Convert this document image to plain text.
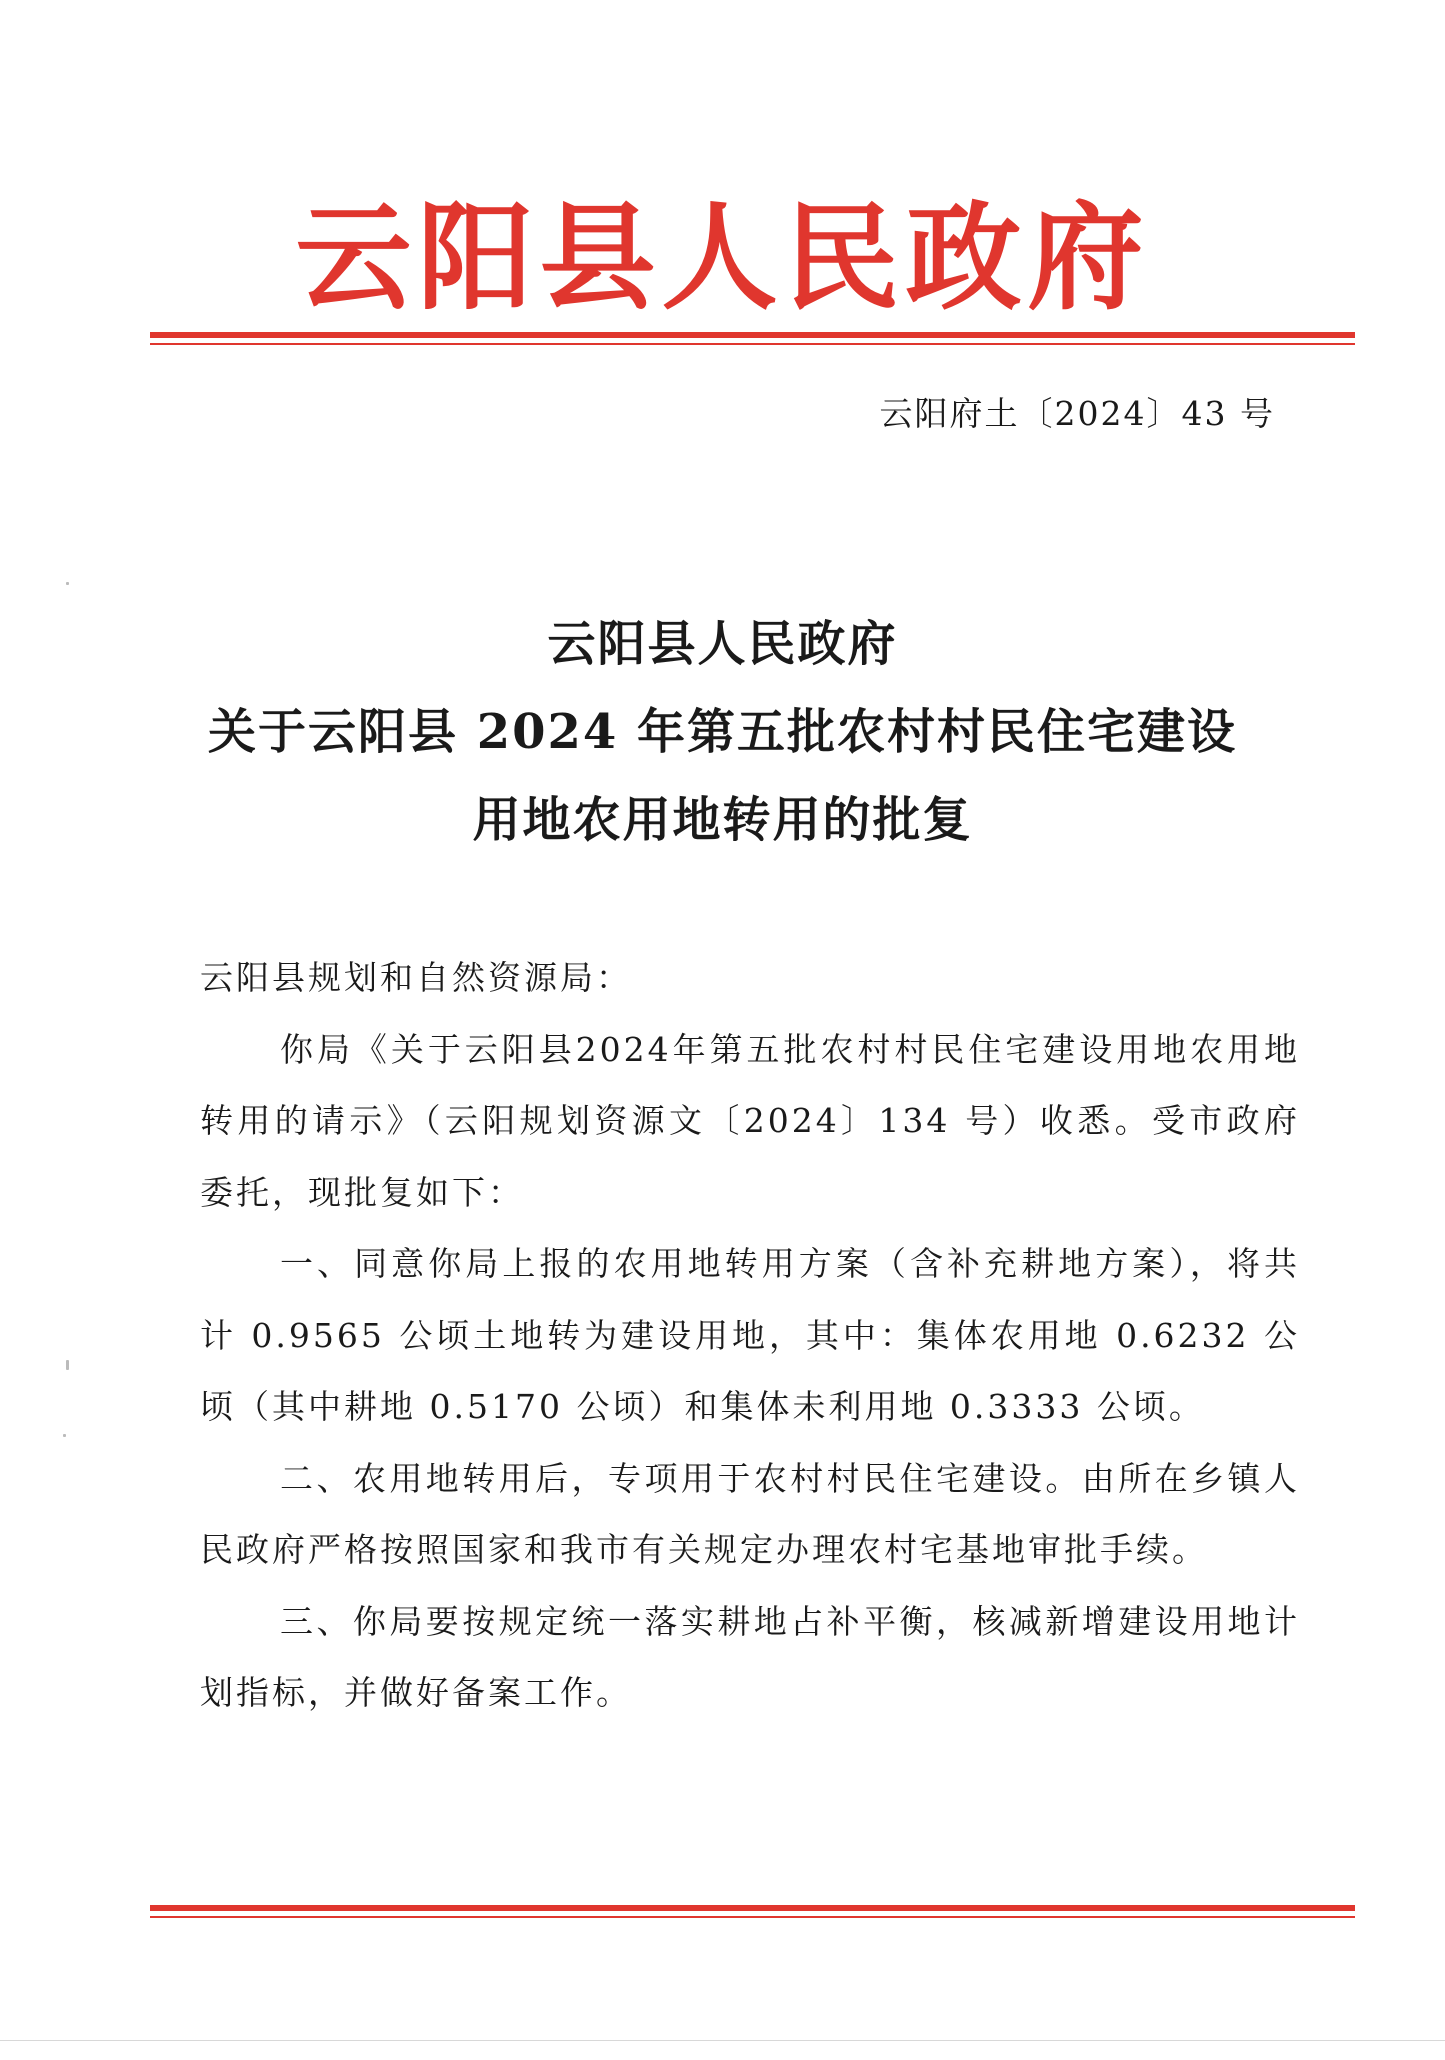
云阳县人民政府
云阳府土〔2024〕43 号
云阳县人民政府
关于云阳县 2024 年第五批农村村民住宅建设
用地农用地转用的批复

云阳县规划和自然资源局：

你局《关于云阳县2024年第五批农村村民住宅建设用地农用地转用的请示》（云阳规划资源文〔2024〕134 号）收悉。受市政府委托，现批复如下：

一、同意你局上报的农用地转用方案（含补充耕地方案），将共计 0.9565 公顷土地转为建设用地，其中：集体农用地 0.6232 公顷（其中耕地 0.5170 公顷）和集体未利用地 0.3333 公顷。

二、农用地转用后，专项用于农村村民住宅建设。由所在乡镇人民政府严格按照国家和我市有关规定办理农村宅基地审批手续。

三、你局要按规定统一落实耕地占补平衡，核减新增建设用地计划指标，并做好备案工作。
